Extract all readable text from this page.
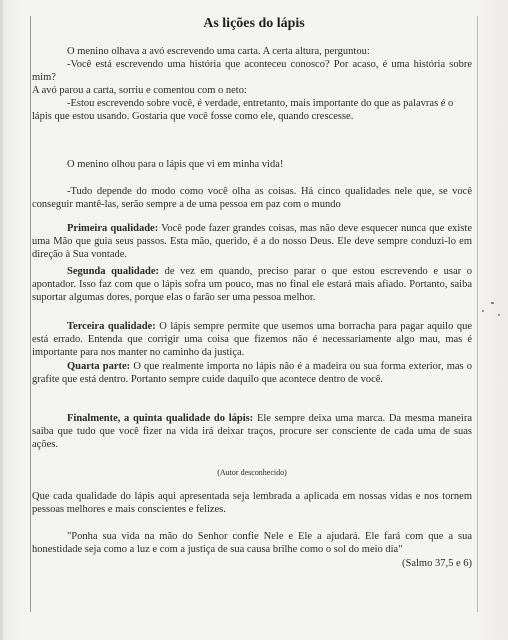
As lições do lápis
O menino olhava a avó escrevendo uma carta. A certa altura, perguntou:
-Você está escrevendo uma história que aconteceu conosco? Por acaso, é uma história sobre mim?
A avó parou a carta, sorriu e comentou com o neto:
-Estou escrevendo sobre você, é verdade, entretanto, mais importante do que as palavras é o
lápis que estou usando. Gostaria que você fosse como ele, quando crescesse.
O menino olhou para o lápis que vi em minha vida!
-Tudo depende do modo como você olha as coisas. Há cinco qualidades nele que, se você conseguir mantê-las, serão sempre a de uma pessoa em paz com o mundo
Primeira qualidade: Você pode fazer grandes coisas, mas não deve esquecer nunca que existe uma Mão que guia seus passos. Esta mão, querido, é a do nosso Deus. Ele deve sempre conduzi-lo em direção à Sua vontade.
Segunda qualidade: de vez em quando, preciso parar o que estou escrevendo e usar o apontador. Isso faz com que o lápis sofra um pouco, mas no final ele estará mais afiado. Portanto, saiba suportar algumas dores, porque elas o farão ser uma pessoa melhor.
Terceira qualidade: O lápis sempre permite que usemos uma borracha para pagar aquilo que está errado. Entenda que corrigir uma coisa que fizemos não é necessariamente algo mau, mas é importante para nos manter no caminho da justiça.
Quarta parte: O que realmente importa no lápis não é a madeira ou sua forma exterior, mas o grafite que está dentro. Portanto sempre cuide daquilo que acontece dentro de você.
Finalmente, a quinta qualidade do lápis: Ele sempre deixa uma marca. Da mesma maneira saiba que tudo que você fizer na vida irá deixar traços, procure ser consciente de cada uma de suas ações.
(Autor desconhecido)
Que cada qualidade do lápis aqui apresentada seja lembrada a aplicada em nossas vidas e nos tornem pessoas melhores e mais conscientes e felizes.
"Ponha sua vida na mão do Senhor confie Nele e Ele a ajudará. Ele fará com que a sua honestidade seja como a luz e com a justiça de sua causa brilhe como o sol do meio dia"
(Salmo 37,5 e 6)
